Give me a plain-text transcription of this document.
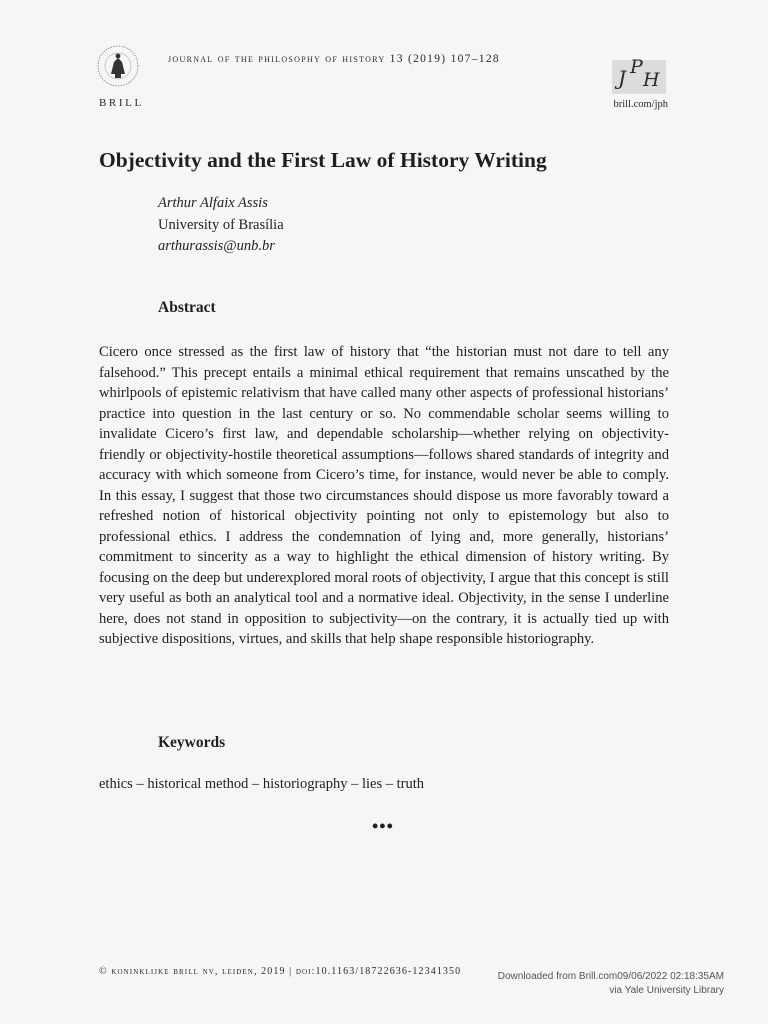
BRILL
journal of the philosophy of history 13 (2019) 107–128
J P
H
brill.com/jph
Objectivity and the First Law of History Writing
Arthur Alfaix Assis
University of Brasília
arthurassis@unb.br
Abstract
Cicero once stressed as the first law of history that “the historian must not dare to tell any falsehood.” This precept entails a minimal ethical requirement that remains unscathed by the whirlpools of epistemic relativism that have called many other aspects of professional historians’ practice into question in the last century or so. No commendable scholar seems willing to invalidate Cicero’s first law, and dependable scholarship—whether relying on objectivity-friendly or objectivity-hostile theoretical assumptions—follows shared standards of integrity and accuracy with which someone from Cicero’s time, for instance, would never be able to comply. In this essay, I suggest that those two circumstances should dispose us more favorably toward a refreshed notion of historical objectivity pointing not only to epistemology but also to professional ethics. I address the condemnation of lying and, more generally, historians’ commitment to sincerity as a way to highlight the ethical dimension of history writing. By focusing on the deep but underexplored moral roots of objectivity, I argue that this concept is still very useful as both an analytical tool and a normative ideal. Objectivity, in the sense I underline here, does not stand in opposition to subjectivity—on the contrary, it is actually tied up with subjective dispositions, virtues, and skills that help shape responsible historiography.
Keywords
ethics – historical method – historiography – lies – truth
•••
© koninklijke brill nv, leiden, 2019 | doi:10.1163/18722636-12341350	Downloaded from Brill.com09/06/2022 02:18:35AM
via Yale University Library
